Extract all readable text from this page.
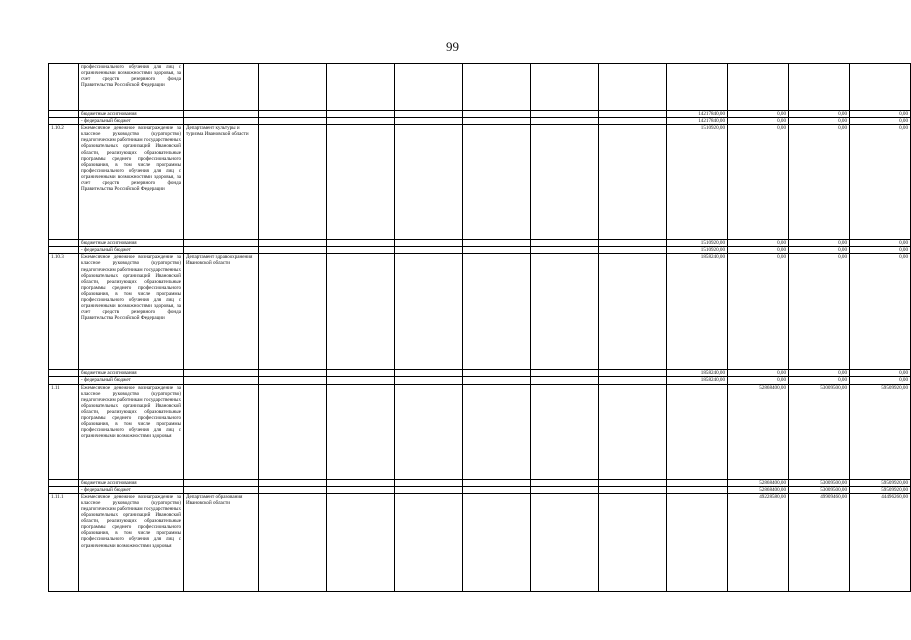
99
	профессионального обучения для лиц с ограниченными возможностями здоровья, за счет средств резервного фонда Правительства Российской Федерации											
	бюджетные ассигнования								14217840,00	0,00	0,00	0,00
	- федеральный бюджет								14217840,00	0,00	0,00	0,00
1.10.2	Ежемесячное денежное вознаграждение за классное руководство (кураторство) педагогическим работникам государственных образовательных организаций Ивановской области, реализующих образовательные программы среднего профессионального образования, в том числе программы профессионального обучения для лиц с ограниченными возможностями здоровья, за счет средств резервного фонда Правительства Российской Федерации	Департамент культуры и туризма Ивановской области							1510920,00	0,00	0,00	0,00
	бюджетные ассигнования								1510920,00	0,00	0,00	0,00
	- федеральный бюджет								1510920,00	0,00	0,00	0,00
1.10.3	Ежемесячное денежное вознаграждение за классное руководство (кураторство) педагогическим работникам государственных образовательных организаций Ивановской области, реализующих образовательные программы среднего профессионального образования, в том числе программы профессионального обучения для лиц с ограниченными возможностями здоровья, за счет средств резервного фонда Правительства Российской Федерации	Департамент здравоохранения Ивановской области							1858240,00	0,00	0,00	0,00
	бюджетные ассигнования								1858240,00	0,00	0,00	0,00
	- федеральный бюджет								1858240,00	0,00	0,00	0,00
1.11	Ежемесячное денежное вознаграждение за классное руководство (кураторство) педагогическим работникам государственных образовательных организаций Ивановской области, реализующих образовательные программы среднего профессионального образования, в том числе программы профессионального обучения для лиц с ограниченными возможностями здоровья									52868400,00	53009500,00	59509920,00
	бюджетные ассигнования									52868400,00	53009500,00	59509920,00
	- федеральный бюджет									52868400,00	53009500,00	59509920,00
1.11.1	Ежемесячное денежное вознаграждение за классное руководство (кураторство) педагогическим работникам государственных образовательных организаций Ивановской области, реализующих образовательные программы среднего профессионального образования, в том числе программы профессионального обучения для лиц с ограниченными возможностями здоровья	Департамент образования Ивановской области								49228580,00	49909460,00	44496260,00
